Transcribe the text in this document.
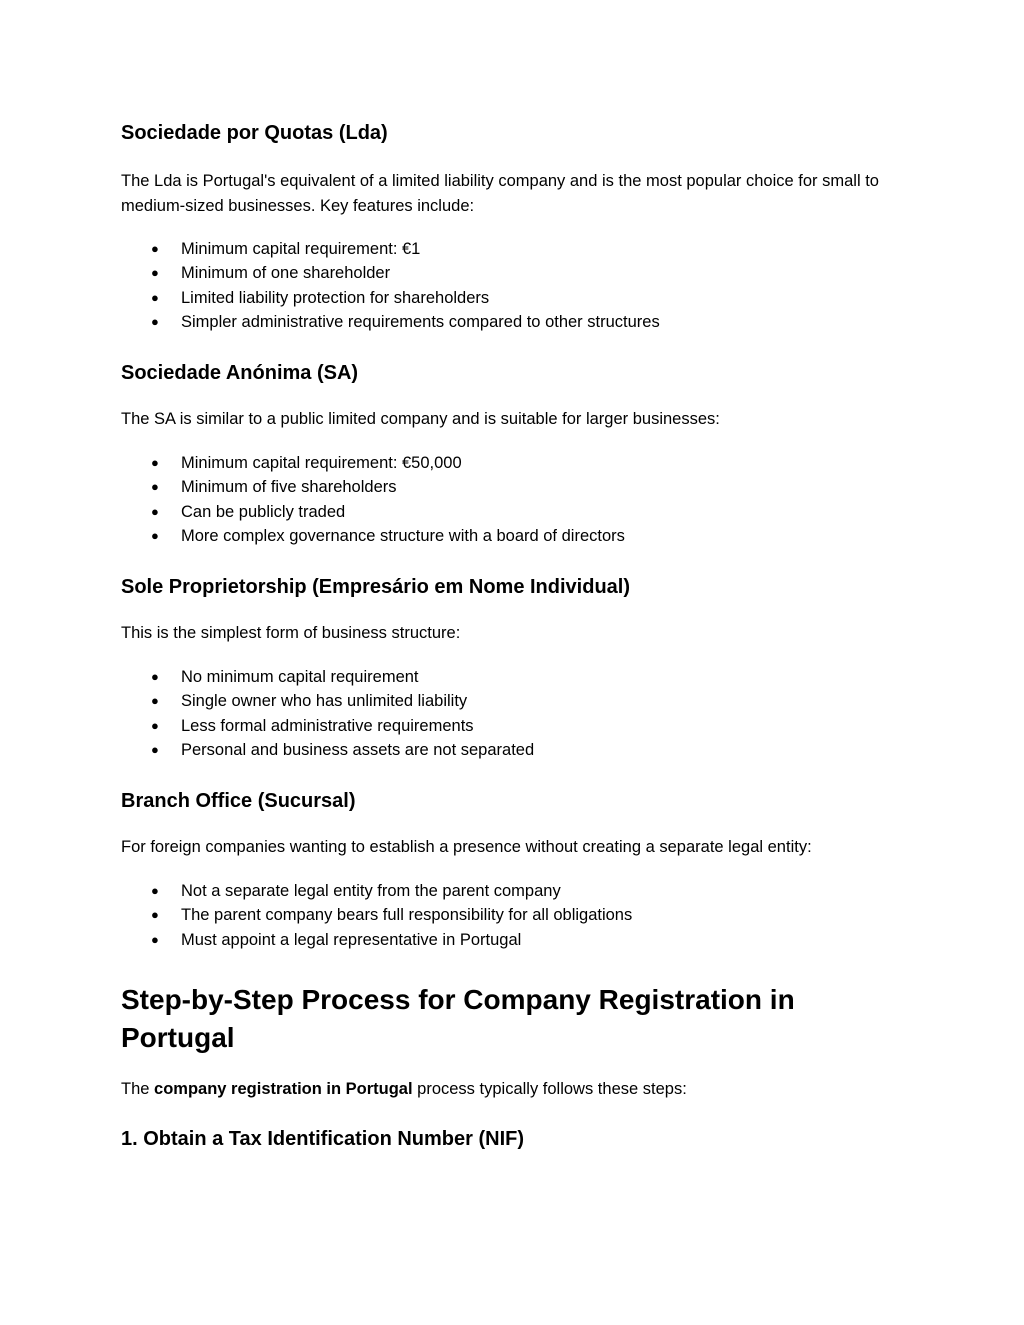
Sociedade por Quotas (Lda)

The Lda is Portugal's equivalent of a limited liability company and is the most popular choice for small to medium-sized businesses. Key features include:

● Minimum capital requirement: €1
● Minimum of one shareholder
● Limited liability protection for shareholders
● Simpler administrative requirements compared to other structures
Sociedade Anónima (SA)

The SA is similar to a public limited company and is suitable for larger businesses:

● Minimum capital requirement: €50,000
● Minimum of five shareholders
● Can be publicly traded
● More complex governance structure with a board of directors
Sole Proprietorship (Empresário em Nome Individual)

This is the simplest form of business structure:

● No minimum capital requirement
● Single owner who has unlimited liability
● Less formal administrative requirements
● Personal and business assets are not separated
Branch Office (Sucursal)

For foreign companies wanting to establish a presence without creating a separate legal entity:

● Not a separate legal entity from the parent company
● The parent company bears full responsibility for all obligations
● Must appoint a legal representative in Portugal
Step-by-Step Process for Company Registration in Portugal

The company registration in Portugal process typically follows these steps:

1. Obtain a Tax Identification Number (NIF)
